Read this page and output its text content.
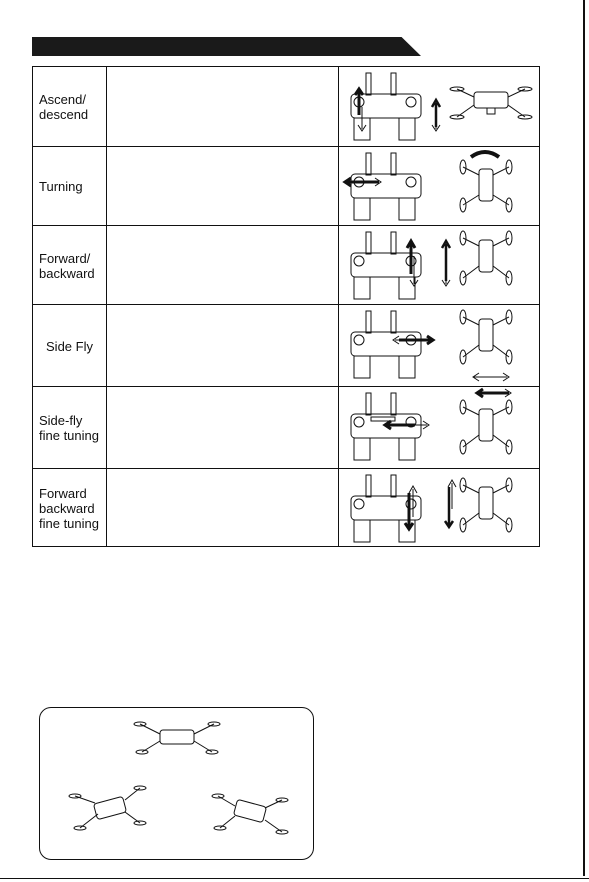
Ascend/
descend
Turning
Forward/
backward
Side Fly
Side-fly
fine tuning
Forward
backward
fine tuning
